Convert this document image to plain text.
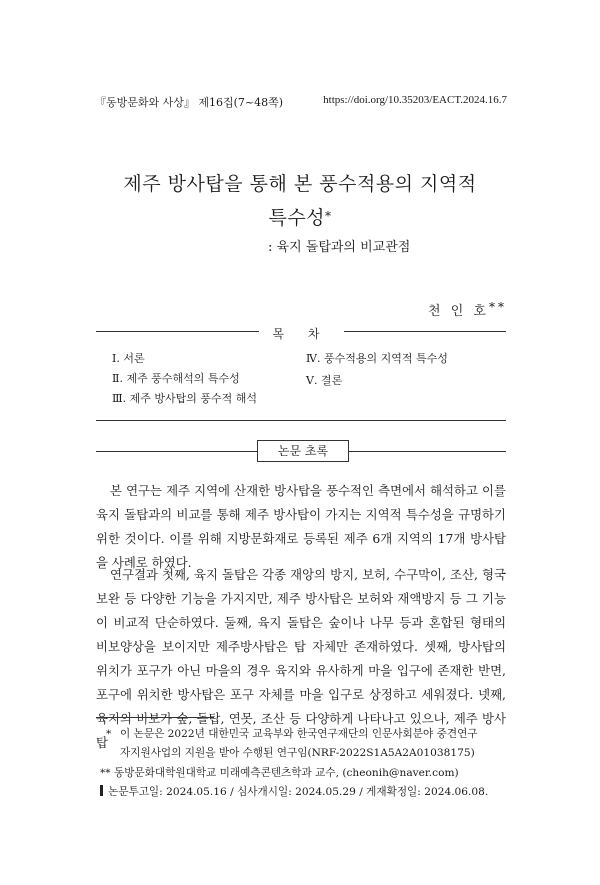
『동방문화와 사상』 제16집(7~48쪽)	https://doi.org/10.35203/EACT.2024.16.7
제주 방사탑을 통해 본 풍수적용의 지역적
특수성*
: 육지 돌탑과의 비교관점
천 인 호**
목 차
Ⅰ. 서론
Ⅱ. 제주 풍수해석의 특수성
Ⅲ. 제주 방사탑의 풍수적 해석
Ⅳ. 풍수적용의 지역적 특수성
Ⅴ. 결론
논문 초록
본 연구는 제주 지역에 산재한 방사탑을 풍수적인 측면에서 해석하고 이를 육지 돌탑과의 비교를 통해 제주 방사탑이 가지는 지역적 특수성을 규명하기 위한 것이다. 이를 위해 지방문화재로 등록된 제주 6개 지역의 17개 방사탑을 사례로 하였다.
연구결과 첫째, 육지 돌탑은 각종 재앙의 방지, 보허, 수구막이, 조산, 형국 보완 등 다양한 기능을 가지지만, 제주 방사탑은 보허와 재액방지 등 그 기능이 비교적 단순하였다. 둘째, 육지 돌탑은 숲이나 나무 등과 혼합된 형태의 비보양상을 보이지만 제주방사탑은 탑 자체만 존재하였다. 셋째, 방사탑의 위치가 포구가 아닌 마을의 경우 육지와 유사하게 마을 입구에 존재한 반면, 포구에 위치한 방사탑은 포구 자체를 마을 입구로 상정하고 세워졌다. 넷째, 육지의 비보가 숲, 돌탑, 연못, 조산 등 다양하게 나타나고 있으나, 제주 방사탑
* 이 논문은 2022년 대한민국 교육부와 한국연구재단의 인문사회분야 중견연구
자지원사업의 지원을 받아 수행된 연구임(NRF-2022S1A5A2A01038175)
** 동방문화대학원대학교 미래예측콘텐츠학과 교수, (cheonih@naver.com)
논문투고일: 2024.05.16 / 심사개시일: 2024.05.29 / 게재확정일: 2024.06.08.
